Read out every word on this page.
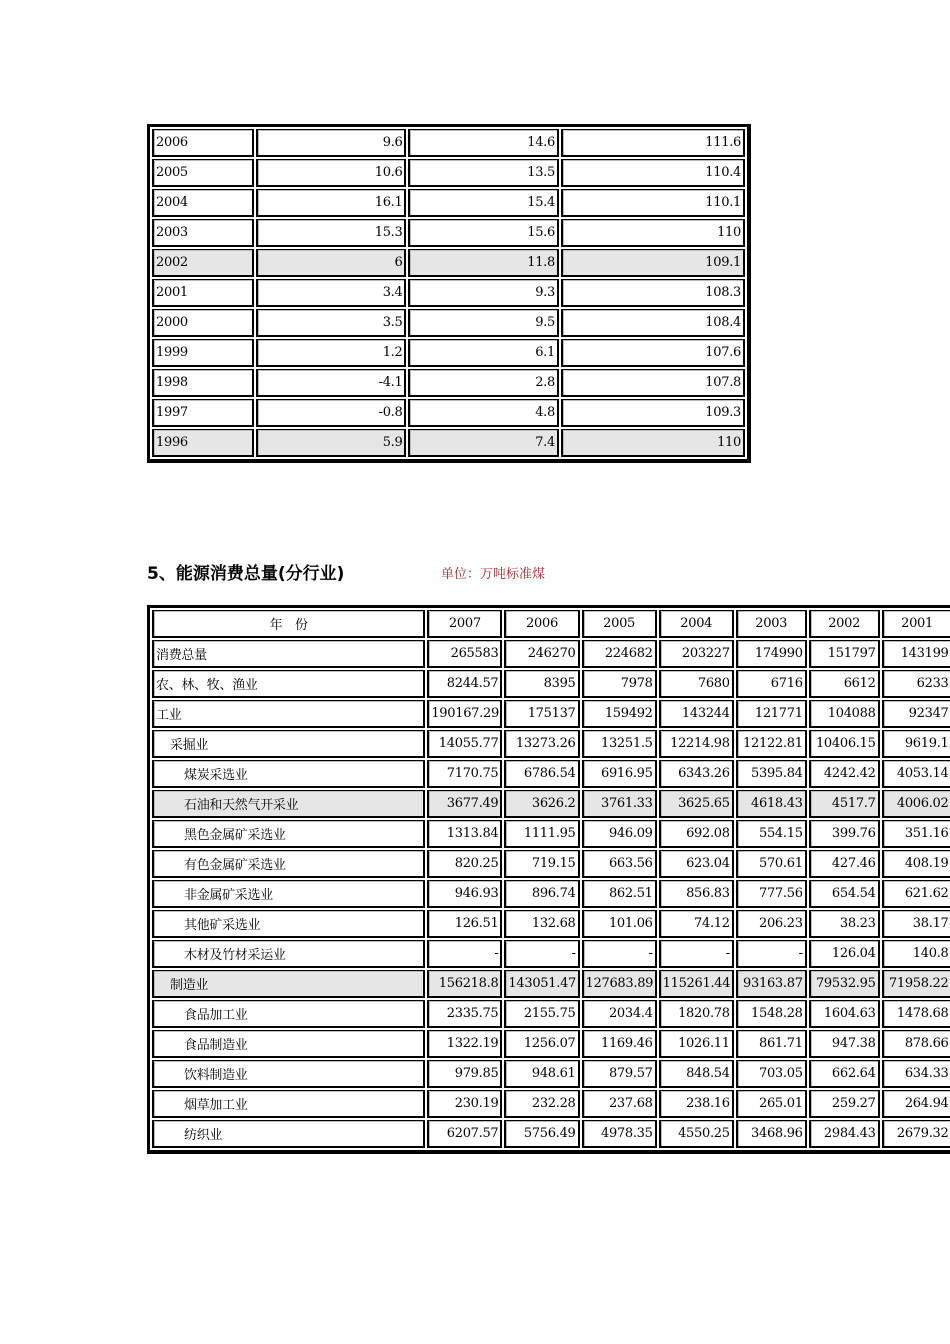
2006	9.6	14.6	111.6
2005	10.6	13.5	110.4
2004	16.1	15.4	110.1
2003	15.3	15.6	110
2002	6	11.8	109.1
2001	3.4	9.3	108.3
2000	3.5	9.5	108.4
1999	1.2	6.1	107.6
1998	-4.1	2.8	107.8
1997	-0.8	4.8	109.3
1996	5.9	7.4	110
5、能源消费总量(分行业)	单位：万吨标准煤
年　份	2007	2006	2005	2004	2003	2002	2001	
消费总量	265583	246270	224682	203227	174990	151797	143199	
农、林、牧、渔业	8244.57	8395	7978	7680	6716	6612	6233	
工业	190167.29	175137	159492	143244	121771	104088	92347	
采掘业	14055.77	13273.26	13251.5	12214.98	12122.81	10406.15	9619.1	
煤炭采选业	7170.75	6786.54	6916.95	6343.26	5395.84	4242.42	4053.14	
石油和天然气开采业	3677.49	3626.2	3761.33	3625.65	4618.43	4517.7	4006.02	
黑色金属矿采选业	1313.84	1111.95	946.09	692.08	554.15	399.76	351.16	
有色金属矿采选业	820.25	719.15	663.56	623.04	570.61	427.46	408.19	
非金属矿采选业	946.93	896.74	862.51	856.83	777.56	654.54	621.62	
其他矿采选业	126.51	132.68	101.06	74.12	206.23	38.23	38.17	
木材及竹材采运业	-	-	-	-	-	126.04	140.8	
制造业	156218.8	143051.47	127683.89	115261.44	93163.87	79532.95	71958.22	
食品加工业	2335.75	2155.75	2034.4	1820.78	1548.28	1604.63	1478.68	
食品制造业	1322.19	1256.07	1169.46	1026.11	861.71	947.38	878.66	
饮料制造业	979.85	948.61	879.57	848.54	703.05	662.64	634.33	
烟草加工业	230.19	232.28	237.68	238.16	265.01	259.27	264.94	
纺织业	6207.57	5756.49	4978.35	4550.25	3468.96	2984.43	2679.32	
